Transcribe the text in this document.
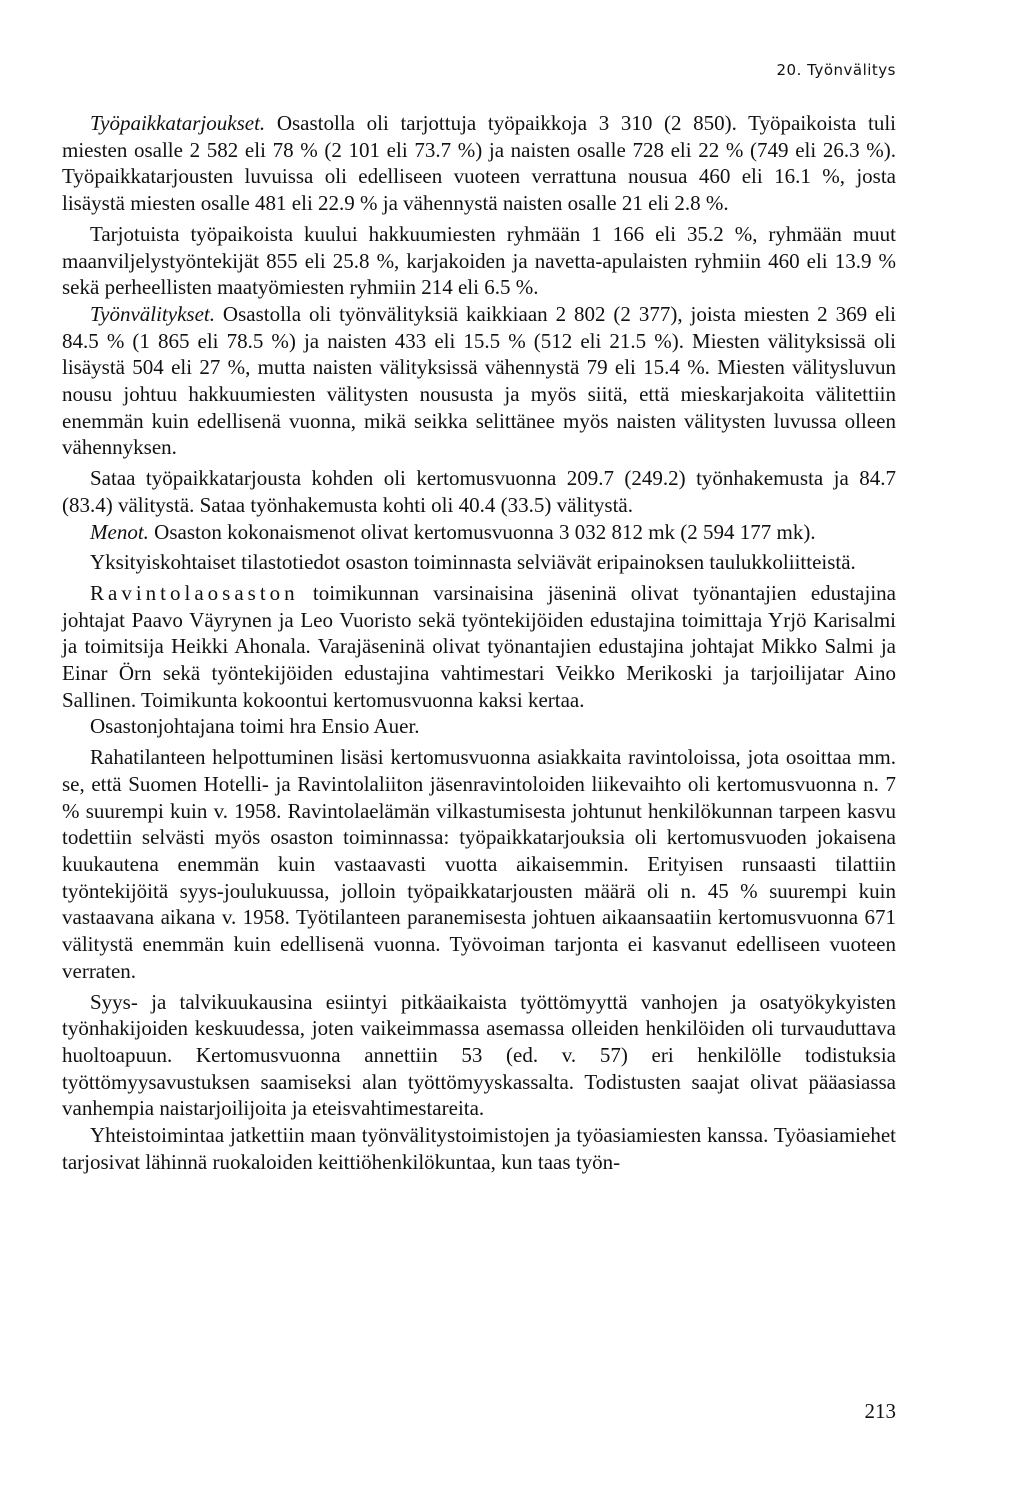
20. Työnvälitys

Työpaikkatarjoukset. Osastolla oli tarjottuja työpaikkoja 3 310 (2 850). Työpaikoista tuli miesten osalle 2 582 eli 78 % (2 101 eli 73.7 %) ja naisten osalle 728 eli 22 % (749 eli 26.3 %). Työpaikkatarjousten luvuissa oli edelliseen vuoteen verrattuna nousua 460 eli 16.1 %, josta lisäystä miesten osalle 481 eli 22.9 % ja vähennystä naisten osalle 21 eli 2.8 %.

Tarjotuista työpaikoista kuului hakkuumiesten ryhmään 1 166 eli 35.2 %, ryhmään muut maanviljelystyöntekijät 855 eli 25.8 %, karjakoiden ja navetta-apulaisten ryhmiin 460 eli 13.9 % sekä perheellisten maatyömiesten ryhmiin 214 eli 6.5 %.

Työnvälitykset. Osastolla oli työnvälityksiä kaikkiaan 2 802 (2 377), joista miesten 2 369 eli 84.5 % (1 865 eli 78.5 %) ja naisten 433 eli 15.5 % (512 eli 21.5 %). Miesten välityksissä oli lisäystä 504 eli 27 %, mutta naisten välityksissä vähennystä 79 eli 15.4 %. Miesten välitysluvun nousu johtuu hakkuumiesten välitysten noususta ja myös siitä, että mieskarjakoita välitettiin enemmän kuin edellisenä vuonna, mikä seikka selittänee myös naisten välitysten luvussa olleen vähennyksen.

Sataa työpaikkatarjousta kohden oli kertomusvuonna 209.7 (249.2) työnhakemusta ja 84.7 (83.4) välitystä. Sataa työnhakemusta kohti oli 40.4 (33.5) välitystä.

Menot. Osaston kokonaismenot olivat kertomusvuonna 3 032 812 mk (2 594 177 mk).

Yksityiskohtaiset tilastotiedot osaston toiminnasta selviävät eripainoksen taulukkoliitteistä.

Ravintolaosaston toimikunnan varsinaisina jäseninä olivat työnantajien edustajina johtajat Paavo Väyrynen ja Leo Vuoristo sekä työntekijöiden edustajina toimittaja Yrjö Karisalmi ja toimitsija Heikki Ahonala. Varajäseninä olivat työnantajien edustajina johtajat Mikko Salmi ja Einar Örn sekä työntekijöiden edustajina vahtimestari Veikko Merikoski ja tarjoilijatar Aino Sallinen. Toimikunta kokoontui kertomusvuonna kaksi kertaa.

Osastonjohtajana toimi hra Ensio Auer.

Rahatilanteen helpottuminen lisäsi kertomusvuonna asiakkaita ravintoloissa, jota osoittaa mm. se, että Suomen Hotelli- ja Ravintolaliiton jäsenravintoloiden liikevaihto oli kertomusvuonna n. 7 % suurempi kuin v. 1958. Ravintolaelämän vilkastumisesta johtunut henkilökunnan tarpeen kasvu todettiin selvästi myös osaston toiminnassa: työpaikkatarjouksia oli kertomusvuoden jokaisena kuukautena enemmän kuin vastaavasti vuotta aikaisemmin. Erityisen runsaasti tilattiin työntekijöitä syys-joulukuussa, jolloin työpaikkatarjousten määrä oli n. 45 % suurempi kuin vastaavana aikana v. 1958. Työtilanteen paranemisesta johtuen aikaansaatiin kertomusvuonna 671 välitystä enemmän kuin edellisenä vuonna. Työvoiman tarjonta ei kasvanut edelliseen vuoteen verraten.

Syys- ja talvikuukausina esiintyi pitkäaikaista työttömyyttä vanhojen ja osatyökykyisten työnhakijoiden keskuudessa, joten vaikeimmassa asemassa olleiden henkilöiden oli turvauduttava huoltoapuun. Kertomusvuonna annettiin 53 (ed. v. 57) eri henkilölle todistuksia työttömyysavustuksen saamiseksi alan työttömyyskassalta. Todistusten saajat olivat pääasiassa vanhempia naistarjoilijoita ja eteisvahtimestareita.

Yhteistoimintaa jatkettiin maan työnvälitystoimistojen ja työasiamiesten kanssa. Työasiamiehet tarjosivat lähinnä ruokaloiden keittiöhenkilökuntaa, kun taas työn-

213
